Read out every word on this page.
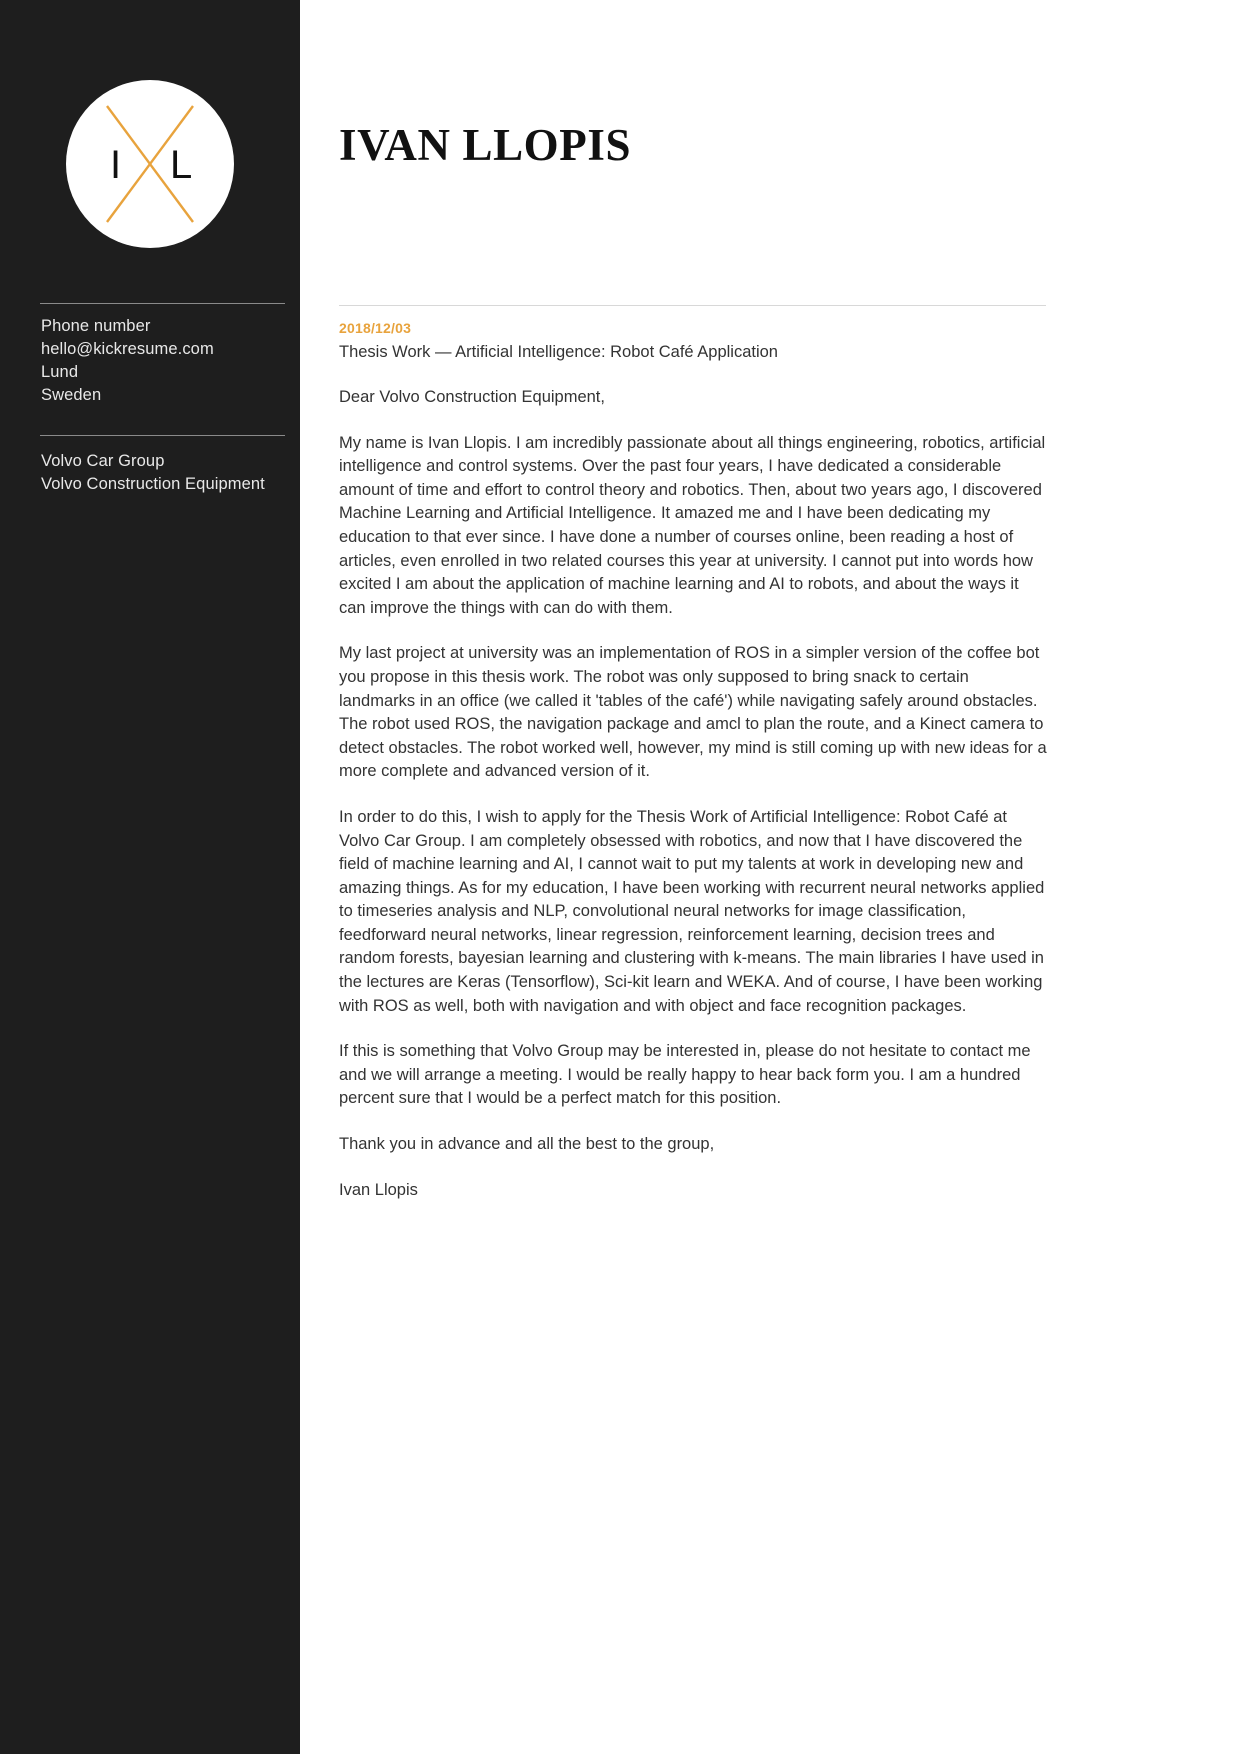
I L
Phone number
hello@kickresume.com
Lund
Sweden
Volvo Car Group
Volvo Construction Equipment
IVAN LLOPIS
2018/12/03
Thesis Work — Artificial Intelligence: Robot Café Application

Dear Volvo Construction Equipment,

My name is Ivan Llopis. I am incredibly passionate about all things engineering, robotics, artificial intelligence and control systems. Over the past four years, I have dedicated a considerable amount of time and effort to control theory and robotics. Then, about two years ago, I discovered Machine Learning and Artificial Intelligence. It amazed me and I have been dedicating my education to that ever since. I have done a number of courses online, been reading a host of articles, even enrolled in two related courses this year at university. I cannot put into words how excited I am about the application of machine learning and AI to robots, and about the ways it can improve the things with can do with them.

My last project at university was an implementation of ROS in a simpler version of the coffee bot you propose in this thesis work. The robot was only supposed to bring snack to certain landmarks in an office (we called it 'tables of the café') while navigating safely around obstacles. The robot used ROS, the navigation package and amcl to plan the route, and a Kinect camera to detect obstacles. The robot worked well, however, my mind is still coming up with new ideas for a more complete and advanced version of it.

In order to do this, I wish to apply for the Thesis Work of Artificial Intelligence: Robot Café at Volvo Car Group. I am completely obsessed with robotics, and now that I have discovered the field of machine learning and AI, I cannot wait to put my talents at work in developing new and amazing things. As for my education, I have been working with recurrent neural networks applied to timeseries analysis and NLP, convolutional neural networks for image classification, feedforward neural networks, linear regression, reinforcement learning, decision trees and random forests, bayesian learning and clustering with k-means. The main libraries I have used in the lectures are Keras (Tensorflow), Sci-kit learn and WEKA. And of course, I have been working with ROS as well, both with navigation and with object and face recognition packages.

If this is something that Volvo Group may be interested in, please do not hesitate to contact me and we will arrange a meeting. I would be really happy to hear back form you. I am a hundred percent sure that I would be a perfect match for this position.

Thank you in advance and all the best to the group,

Ivan Llopis
